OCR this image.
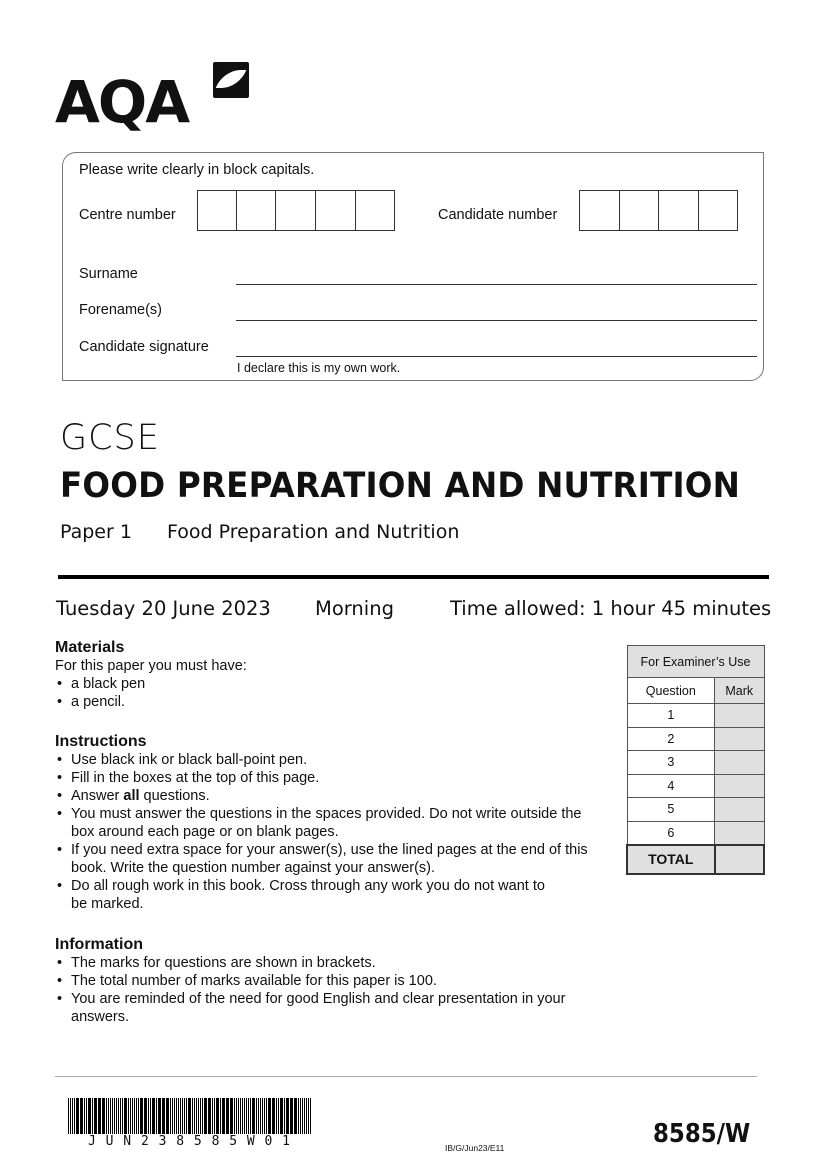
AQA
Please write clearly in block capitals.
Centre number	Candidate number
Surname
Forename(s)
Candidate signature
I declare this is my own work.
GCSE
FOOD PREPARATION AND NUTRITION
Paper 1 Food Preparation and Nutrition
Tuesday 20 June 2023 Morning	Time allowed: 1 hour 45 minutes
Materials
For this paper you must have:
• a black pen
• a pencil.
Instructions
• Use black ink or black ball-point pen.
• Fill in the boxes at the top of this page.
• Answer all questions.
• You must answer the questions in the spaces provided. Do not write outside the box around each page or on blank pages.
• If you need extra space for your answer(s), use the lined pages at the end of this book. Write the question number against your answer(s).
• Do all rough work in this book. Cross through any work you do not want to be marked.
Information
• The marks for questions are shown in brackets.
• The total number of marks available for this paper is 100.
• You are reminded of the need for good English and clear presentation in your answers.
For Examiner’s Use	
Question	Mark
1	
2	
3	
4	
5	
6	
TOTAL	
J U N 2 3 8 5 8 5 W 0 1	IB/G/Jun23/E11	8585/W
